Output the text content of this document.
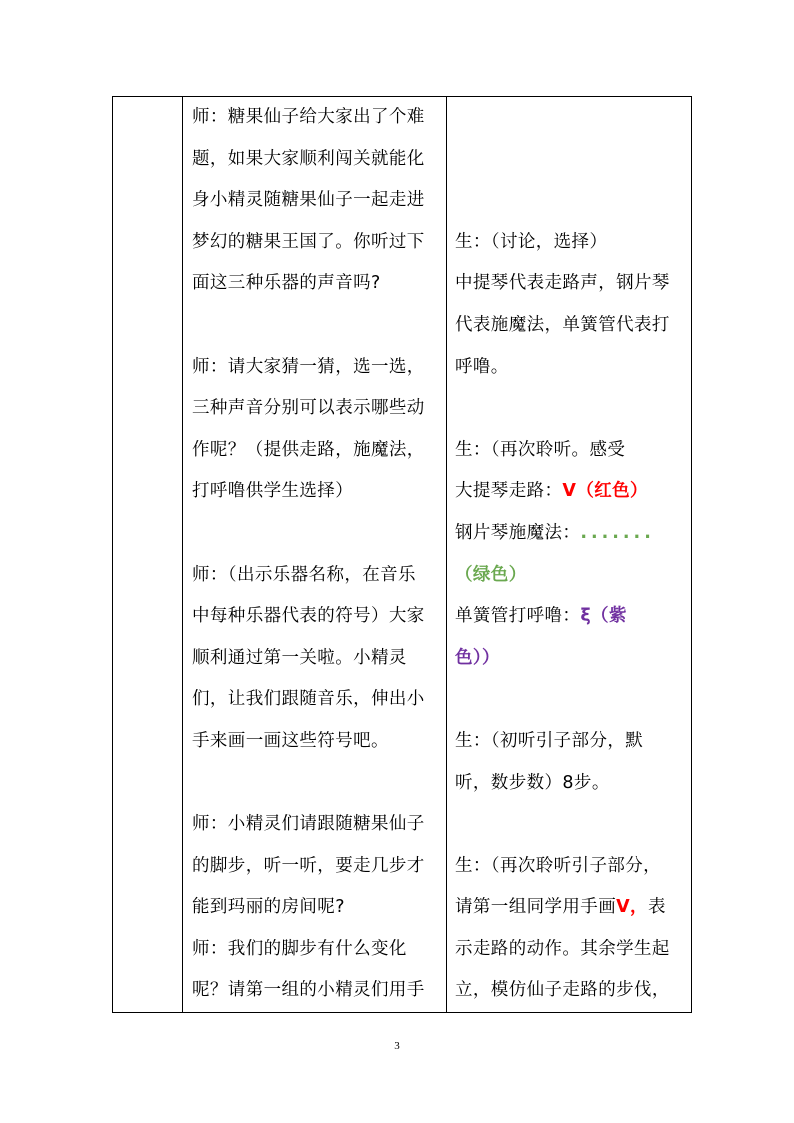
师：糖果仙子给大家出了个难
题，如果大家顺利闯关就能化
身小精灵随糖果仙子一起走进
梦幻的糖果王国了。你听过下
面这三种乐器的声音吗?
师：请大家猜一猜，选一选，
三种声音分别可以表示哪些动
作呢？（提供走路，施魔法，
打呼噜供学生选择）
师：（出示乐器名称，在音乐
中每种乐器代表的符号）大家
顺利通过第一关啦。小精灵
们，让我们跟随音乐，伸出小
手来画一画这些符号吧。
师：小精灵们请跟随糖果仙子
的脚步，听一听，要走几步才
能到玛丽的房间呢?
师：我们的脚步有什么变化
呢？请第一组的小精灵们用手
生：（讨论，选择）
中提琴代表走路声，钢片琴
代表施魔法，单簧管代表打
呼噜。
生：（再次聆听。感受
大提琴走路：V（红色）
钢片琴施魔法：.......
（绿色）
单簧管打呼噜：ξ（紫
色））
生：（初听引子部分，默
听，数步数）8步。
生：（再次聆听引子部分，
请第一组同学用手画V，表
示走路的动作。其余学生起
立，模仿仙子走路的步伐，
3
